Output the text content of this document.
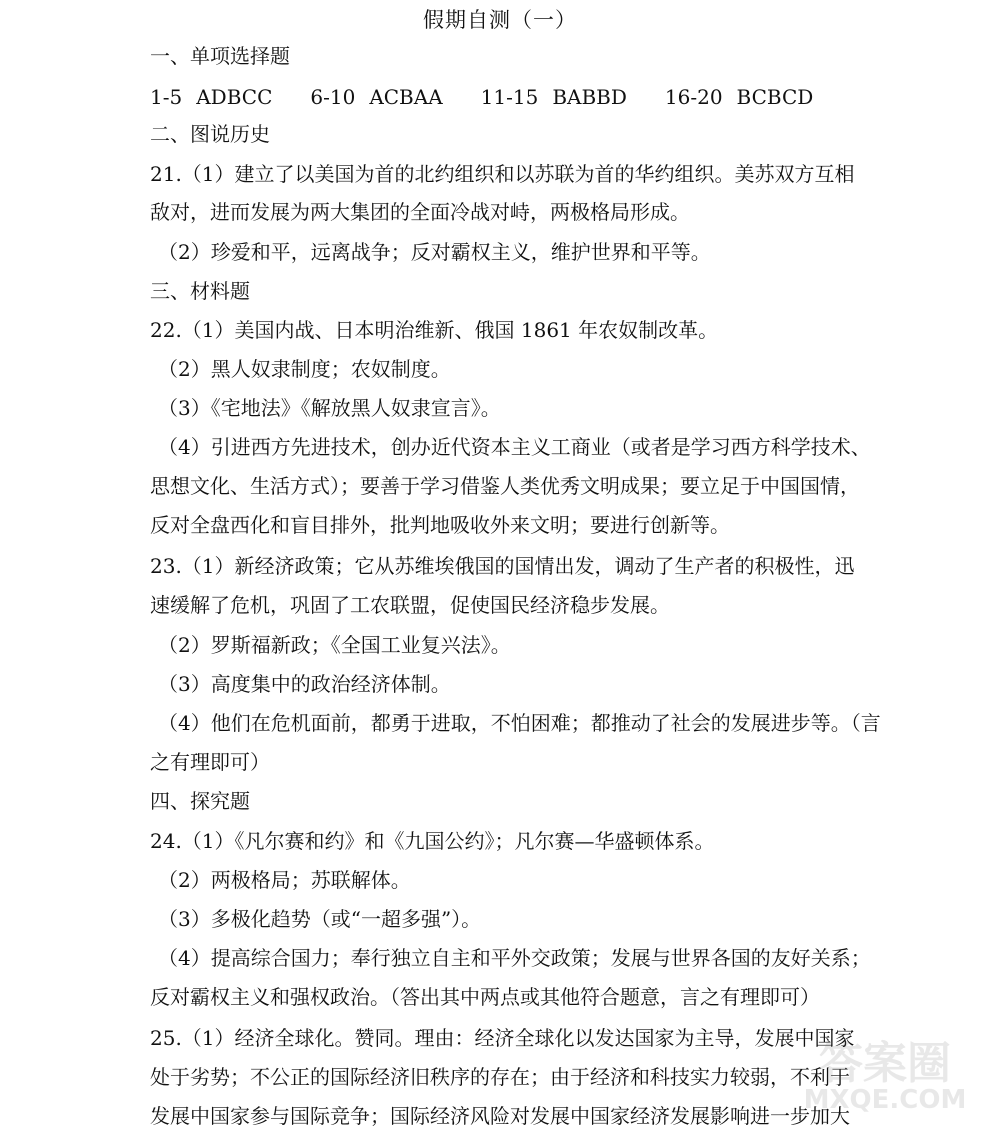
假期自测（一）
一、单项选择题
1-5 ADBCC 6-10 ACBAA 11-15 BABBD 16-20 BCBCD
二、图说历史
21.（1）建立了以美国为首的北约组织和以苏联为首的华约组织。美苏双方互相
敌对，进而发展为两大集团的全面冷战对峙，两极格局形成。
（2）珍爱和平，远离战争；反对霸权主义，维护世界和平等。
三、材料题
22.（1）美国内战、日本明治维新、俄国 1861 年农奴制改革。
（2）黑人奴隶制度；农奴制度。
（3）《宅地法》《解放黑人奴隶宣言》。
（4）引进西方先进技术，创办近代资本主义工商业（或者是学习西方科学技术、
思想文化、生活方式）；要善于学习借鉴人类优秀文明成果；要立足于中国国情，
反对全盘西化和盲目排外，批判地吸收外来文明；要进行创新等。
23.（1）新经济政策；它从苏维埃俄国的国情出发，调动了生产者的积极性，迅
速缓解了危机，巩固了工农联盟，促使国民经济稳步发展。
（2）罗斯福新政；《全国工业复兴法》。
（3）高度集中的政治经济体制。
（4）他们在危机面前，都勇于进取，不怕困难；都推动了社会的发展进步等。（言
之有理即可）
四、探究题
24.（1）《凡尔赛和约》和《九国公约》；凡尔赛—华盛顿体系。
（2）两极格局；苏联解体。
（3）多极化趋势（或“一超多强”）。
（4）提高综合国力；奉行独立自主和平外交政策；发展与世界各国的友好关系；
反对霸权主义和强权政治。（答出其中两点或其他符合题意，言之有理即可）
25.（1）经济全球化。赞同。理由：经济全球化以发达国家为主导，发展中国家
处于劣势；不公正的国际经济旧秩序的存在；由于经济和科技实力较弱，不利于
发展中国家参与国际竞争；国际经济风险对发展中国家经济发展影响进一步加大
答案圈
MXQE.COM
